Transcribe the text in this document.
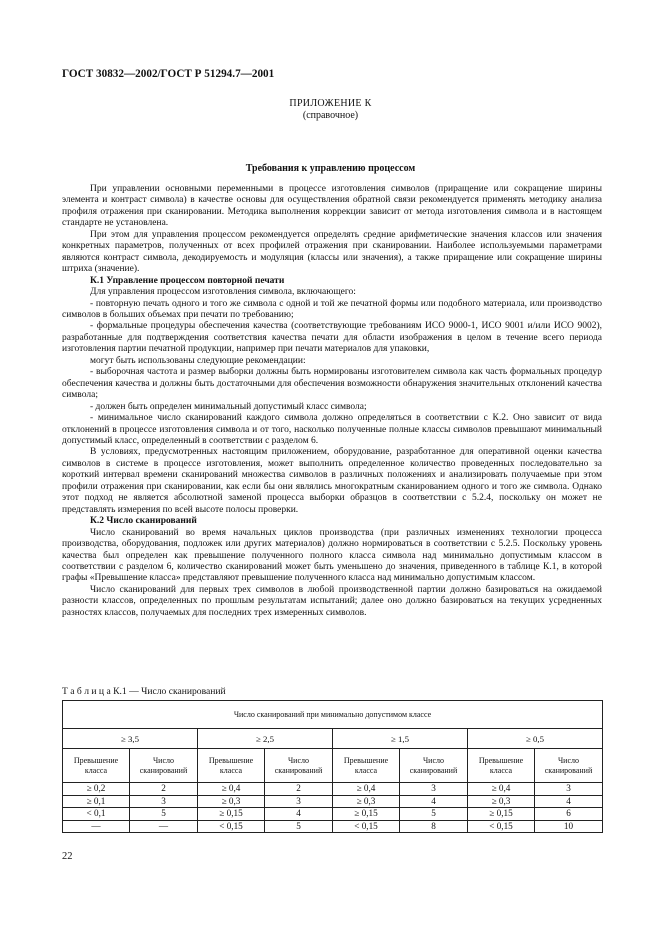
ГОСТ 30832—2002/ГОСТ Р 51294.7—2001
ПРИЛОЖЕНИЕ К
(справочное)
Требования к управлению процессом

При управлении основными переменными в процессе изготовления символов (приращение или сокращение ширины элемента и контраст символа) в качестве основы для осуществления обратной связи рекомендуется применять методику анализа профиля отражения при сканировании. Методика выполнения коррекции зависит от метода изготовления символа и в настоящем стандарте не установлена.

При этом для управления процессом рекомендуется определять средние арифметические значения классов или значения конкретных параметров, полученных от всех профилей отражения при сканировании. Наиболее используемыми параметрами являются контраст символа, декодируемость и модуляция (классы или значения), а также приращение или сокращение ширины штриха (значение).

К.1 Управление процессом повторной печати

Для управления процессом изготовления символа, включающего:

- повторную печать одного и того же символа с одной и той же печатной формы или подобного материала, или производство символов в больших объемах при печати по требованию;

- формальные процедуры обеспечения качества (соответствующие требованиям ИСО 9000-1, ИСО 9001 и/или ИСО 9002), разработанные для подтверждения соответствия качества печати для области изображения в целом в течение всего периода изготовления партии печатной продукции, например при печати материалов для упаковки,

могут быть использованы следующие рекомендации:

- выборочная частота и размер выборки должны быть нормированы изготовителем символа как часть формальных процедур обеспечения качества и должны быть достаточными для обеспечения возможности обнаружения значительных отклонений качества символа;

- должен быть определен минимальный допустимый класс символа;

- минимальное число сканирований каждого символа должно определяться в соответствии с К.2. Оно зависит от вида отклонений в процессе изготовления символа и от того, насколько полученные полные классы символов превышают минимальный допустимый класс, определенный в соответствии с разделом 6.

В условиях, предусмотренных настоящим приложением, оборудование, разработанное для оперативной оценки качества символов в системе в процессе изготовления, может выполнить определенное количество проведенных последовательно за короткий интервал времени сканирований множества символов в различных положениях и анализировать получаемые при этом профили отражения при сканировании, как если бы они являлись многократным сканированием одного и того же символа. Однако этот подход не является абсолютной заменой процесса выборки образцов в соответствии с 5.2.4, поскольку он может не представлять измерения по всей высоте полосы проверки.

К.2 Число сканирований

Число сканирований во время начальных циклов производства (при различных изменениях технологии процесса производства, оборудования, подложек или других материалов) должно нормироваться в соответствии с 5.2.5. Поскольку уровень качества был определен как превышение полученного полного класса символа над минимально допустимым классом в соответствии с разделом 6, количество сканирований может быть уменьшено до значения, приведенного в таблице К.1, в которой графы «Превышение класса» представляют превышение полученного класса над минимально допустимым классом.

Число сканирований для первых трех символов в любой производственной партии должно базироваться на ожидаемой разности классов, определенных по прошлым результатам испытаний; далее оно должно базироваться на текущих усредненных разностях классов, получаемых для последних трех измеренных символов.

Т а б л и ц а К.1 — Число сканирований
Число сканирований при минимально допустимом классе							
≥ 3,5		≥ 2,5		≥ 1,5		≥ 0,5	
Превышение класса	Число сканирований	Превышение класса	Число сканирований	Превышение класса	Число сканирований	Превышение класса	Число сканирований
≥ 0,2	2	≥ 0,4	2	≥ 0,4	3	≥ 0,4	3
≥ 0,1	3	≥ 0,3	3	≥ 0,3	4	≥ 0,3	4
< 0,1	5	≥ 0,15	4	≥ 0,15	5	≥ 0,15	6
—	—	< 0,15	5	< 0,15	8	< 0,15	10
22
